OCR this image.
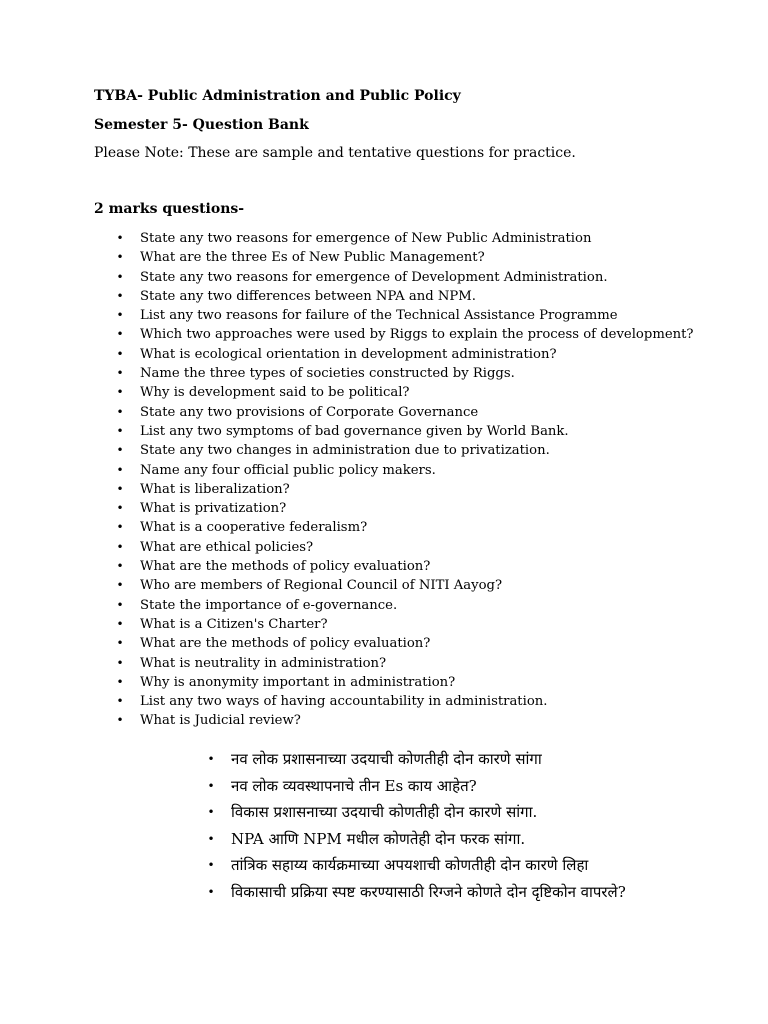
TYBA- Public Administration and Public Policy
Semester 5- Question Bank
Please Note: These are sample and tentative questions for practice.
2 marks questions-
• State any two reasons for emergence of New Public Administration
• What are the three Es of New Public Management?
• State any two reasons for emergence of Development Administration.
• State any two differences between NPA and NPM.
• List any two reasons for failure of the Technical Assistance Programme
• Which two approaches were used by Riggs to explain the process of development?
• What is ecological orientation in development administration?
• Name the three types of societies constructed by Riggs.
• Why is development said to be political?
• State any two provisions of Corporate Governance
• List any two symptoms of bad governance given by World Bank.
• State any two changes in administration due to privatization.
• Name any four official public policy makers.
• What is liberalization?
• What is privatization?
• What is a cooperative federalism?
• What are ethical policies?
• What are the methods of policy evaluation?
• Who are members of Regional Council of NITI Aayog?
• State the importance of e-governance.
• What is a Citizen's Charter?
• What are the methods of policy evaluation?
• What is neutrality in administration?
• Why is anonymity important in administration?
• List any two ways of having accountability in administration.
• What is Judicial review?
• नव लोक प्रशासनाच्या उदयाची कोणतीही दोन कारणे सांगा
• नव लोक व्यवस्थापनाचे तीन Es काय आहेत?
• विकास प्रशासनाच्या उदयाची कोणतीही दोन कारणे सांगा.
• NPA आणि NPM मधील कोणतेही दोन फरक सांगा.
• तांत्रिक सहाय्य कार्यक्रमाच्या अपयशाची कोणतीही दोन कारणे लिहा
• विकासाची प्रक्रिया स्पष्ट करण्यासाठी रिग्जने कोणते दोन दृष्टिकोन वापरले?
